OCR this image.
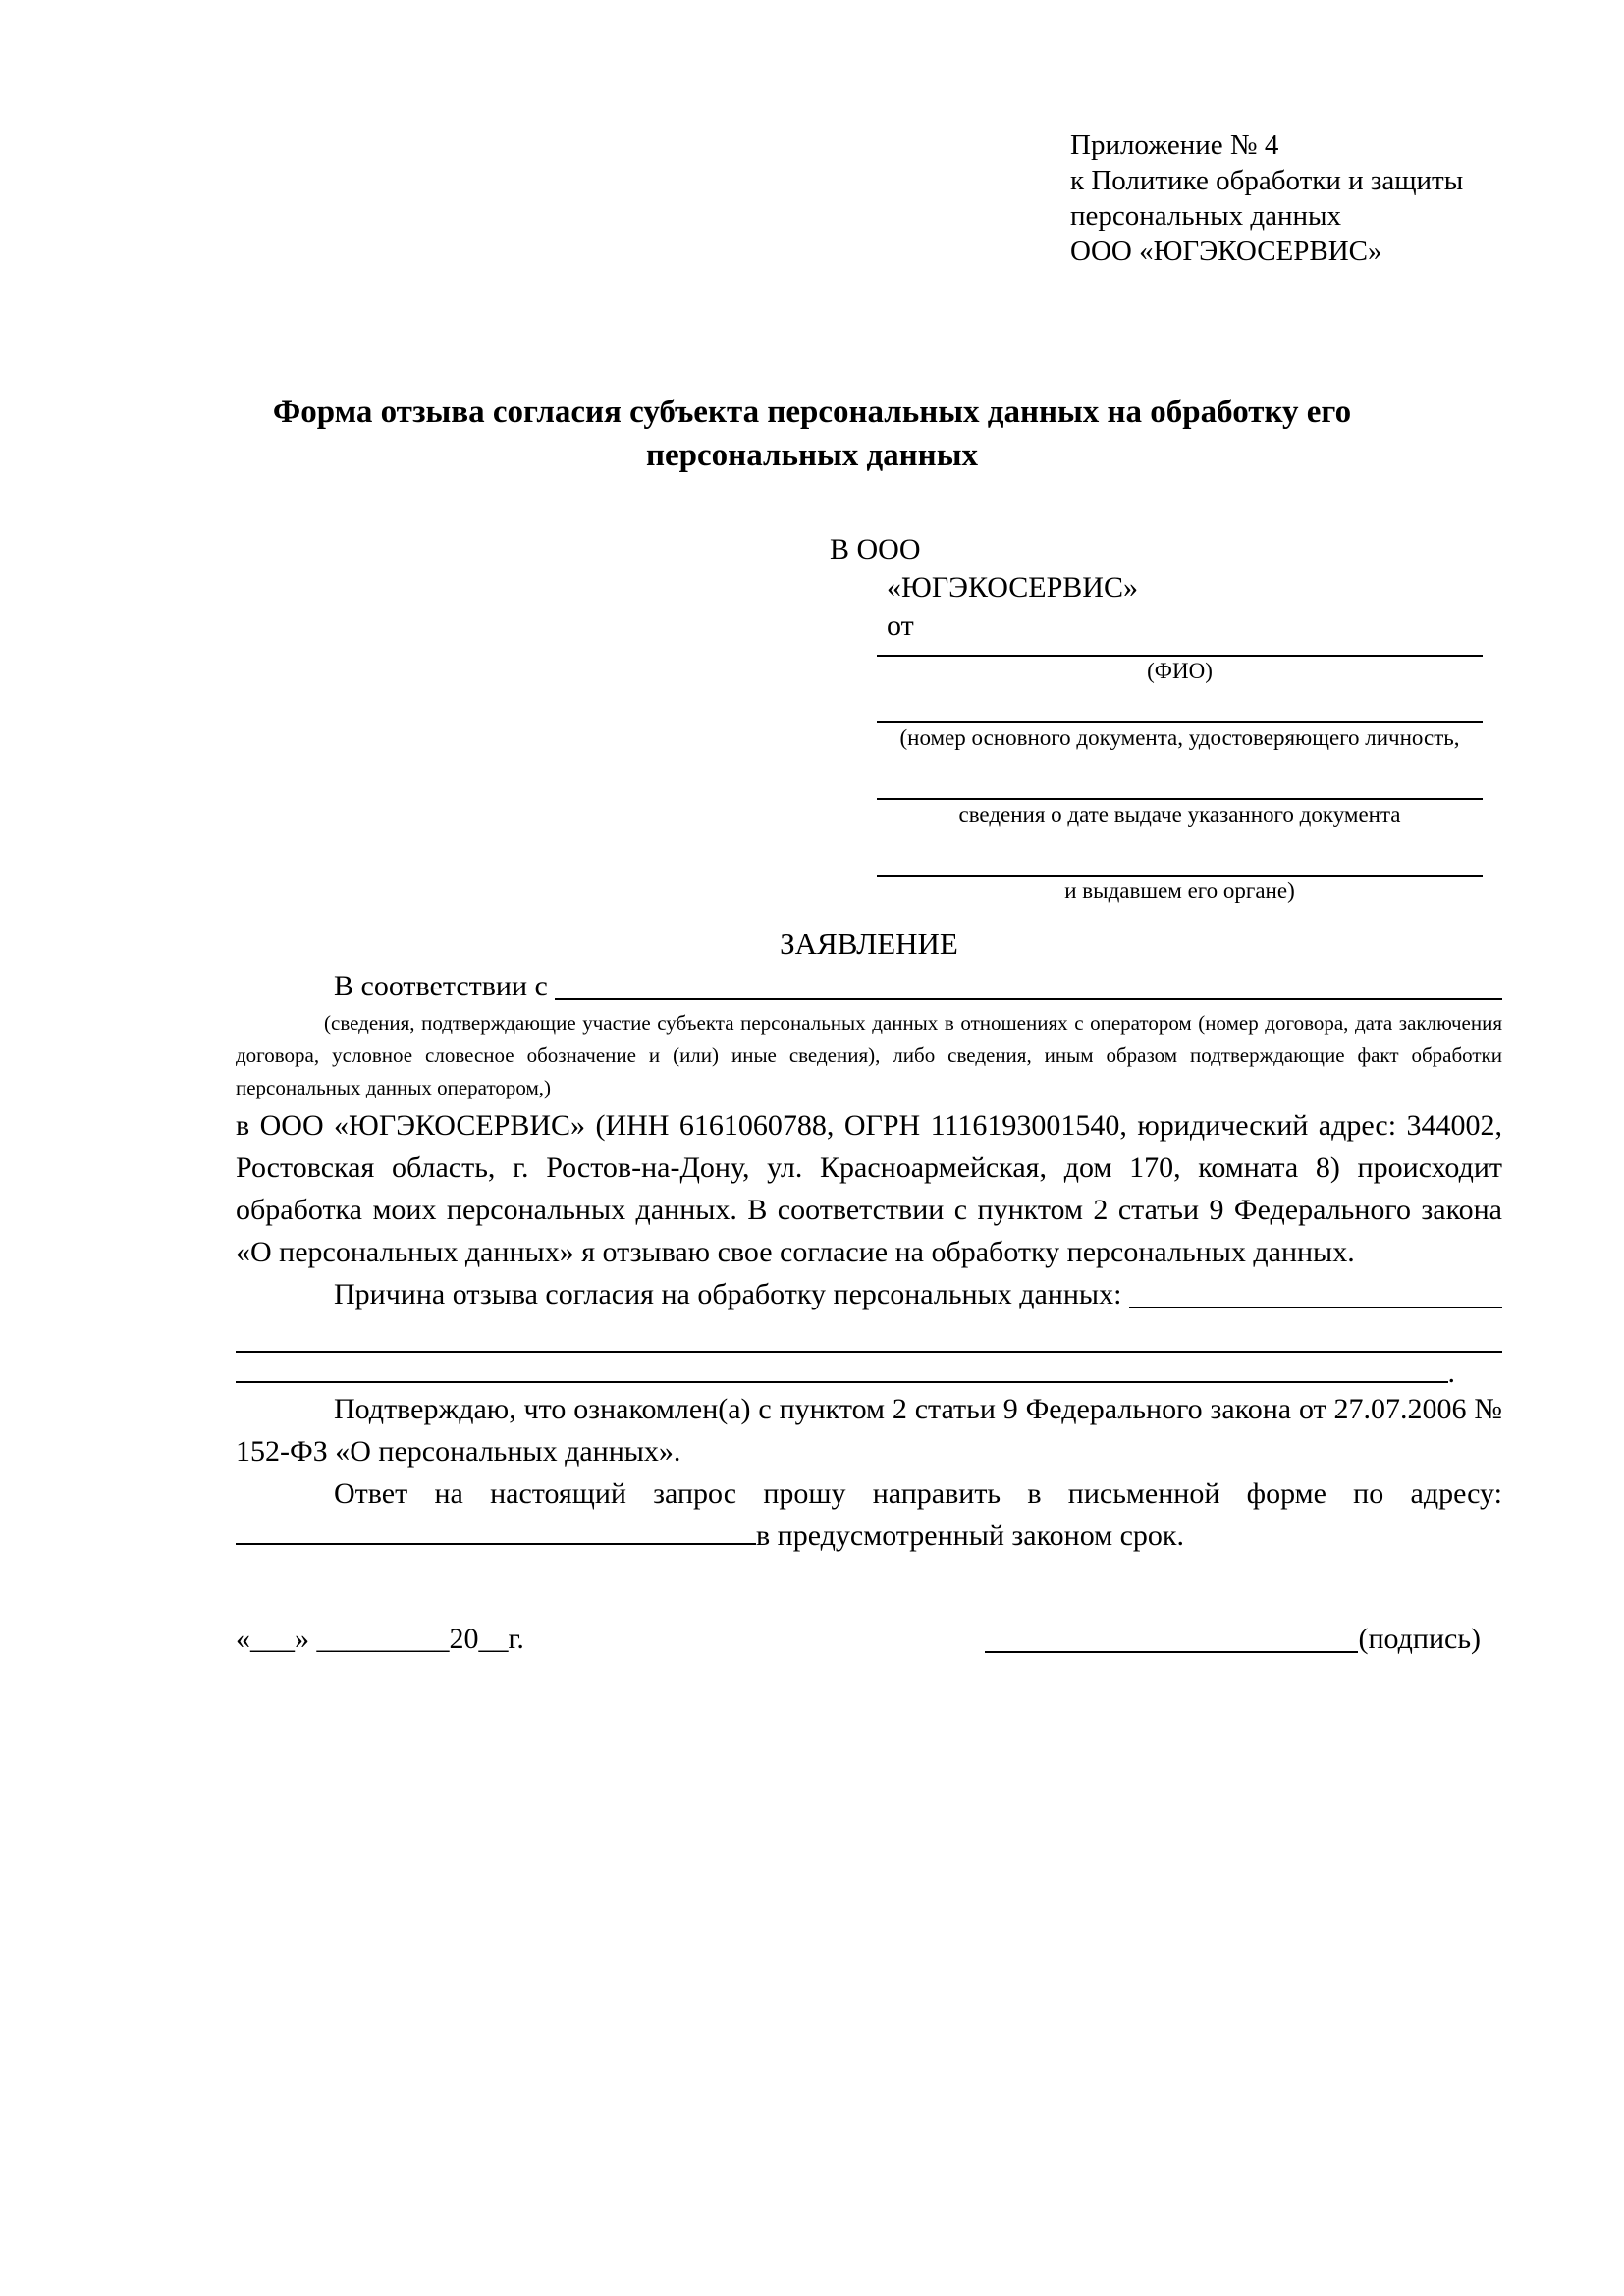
Приложение № 4
к Политике обработки и защиты
персональных данных
ООО «ЮГЭКОСЕРВИС»
Форма отзыва согласия субъекта персональных данных на обработку его персональных данных
В ООО
«ЮГЭКОСЕРВИС»
от
(ФИО)
(номер основного документа, удостоверяющего личность,
сведения о дате выдаче указанного документа
и выдавшем его органе)
ЗАЯВЛЕНИЕ
В соответствии с

(сведения, подтверждающие участие субъекта персональных данных в отношениях с оператором (номер договора, дата заключения договора, условное словесное обозначение и (или) иные сведения), либо сведения, иным образом подтверждающие факт обработки персональных данных оператором,)
в ООО «ЮГЭКОСЕРВИС» (ИНН 6161060788, ОГРН 1116193001540, юридический адрес: 344002, Ростовская область, г. Ростов-на-Дону, ул. Красноармейская, дом 170, комната 8) происходит обработка моих персональных данных. В соответствии с пунктом 2 статьи 9 Федерального закона «О персональных данных» я отзываю свое согласие на обработку персональных данных.
Причина отзыва согласия на обработку персональных данных:

.
Подтверждаю, что ознакомлен(а) с пунктом 2 статьи 9 Федерального закона от 27.07.2006 № 152-ФЗ «О персональных данных».
Ответ на настоящий запрос прошу направить в письменной форме по адресу: в предусмотренный законом срок.
«___» _________20__г.	(подпись)
